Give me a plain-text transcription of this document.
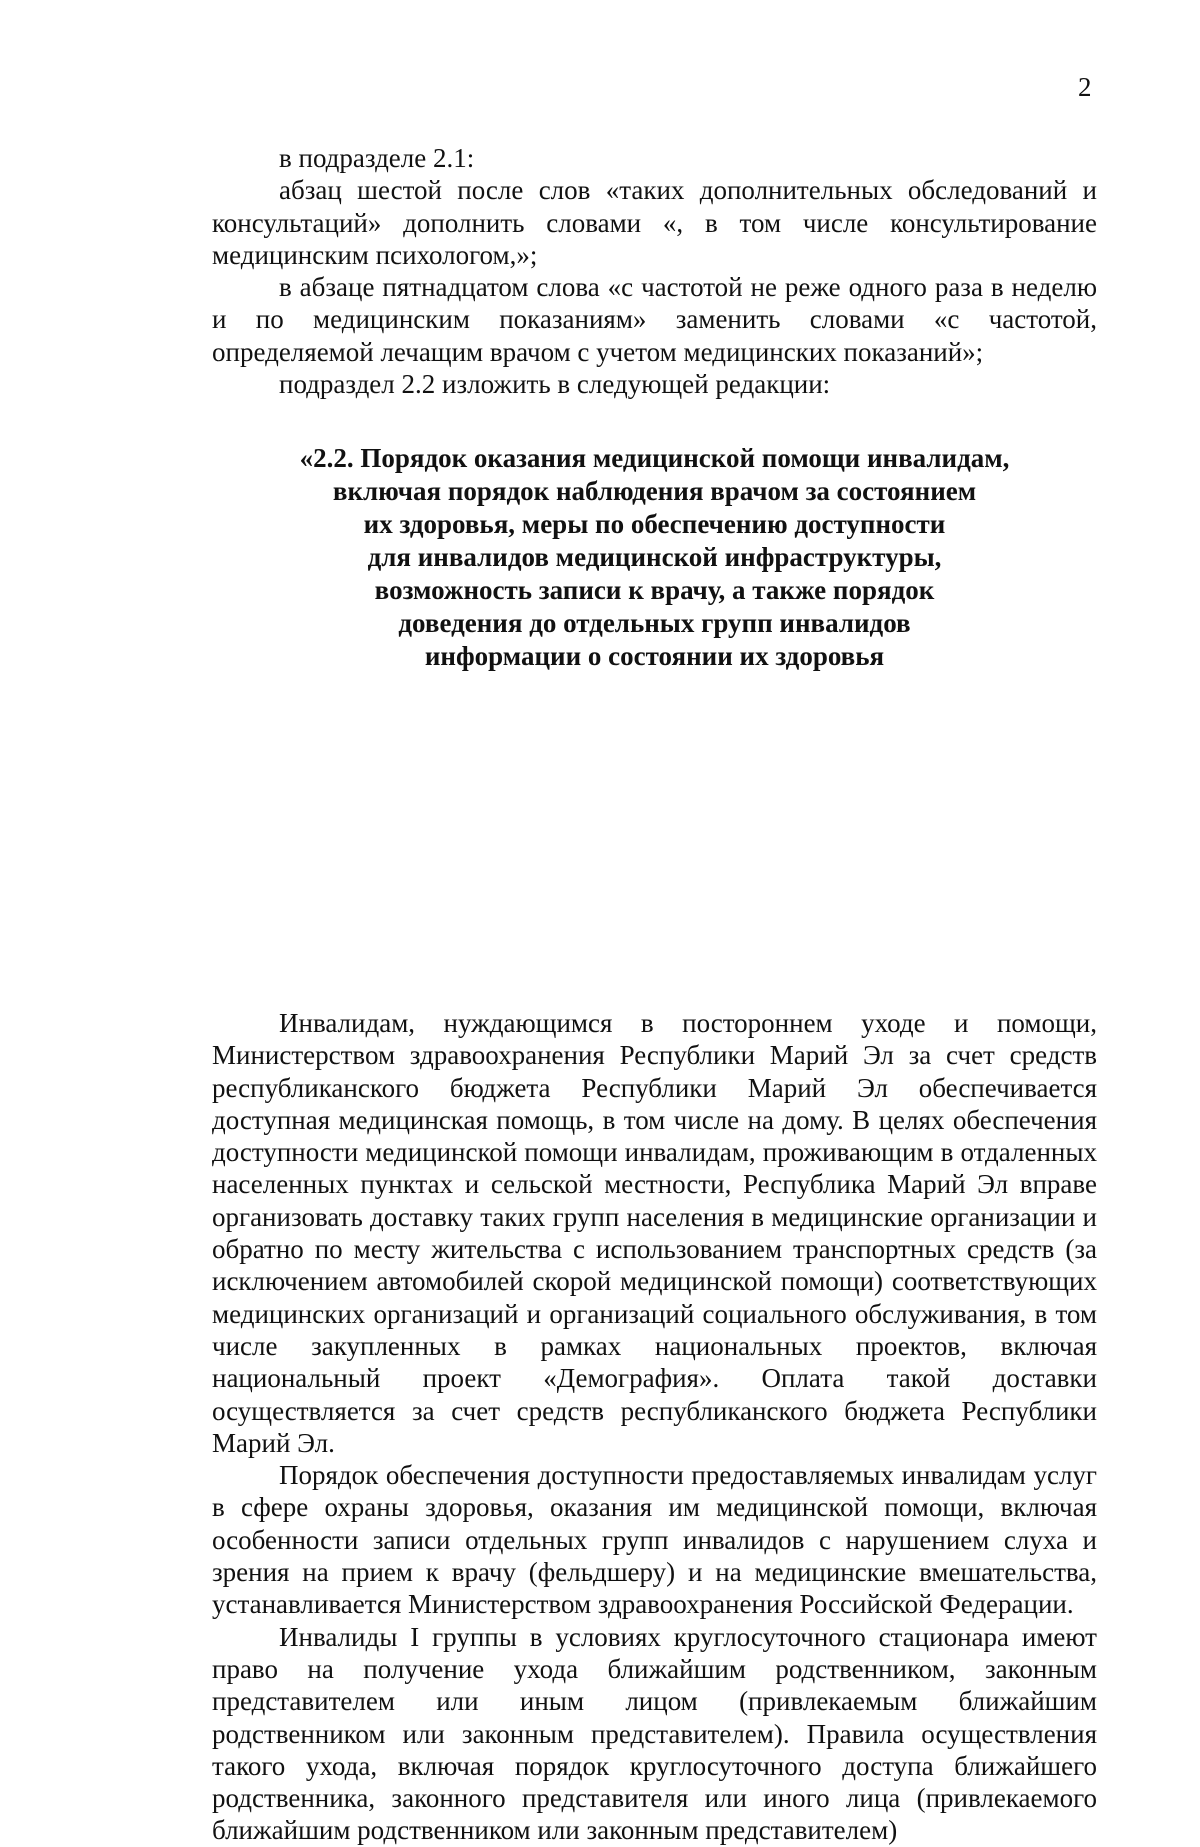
2

в подразделе 2.1:

абзац шестой после слов «таких дополнительных обследований и консультаций» дополнить словами «, в том числе консультирование медицинским психологом,»;

в абзаце пятнадцатом слова «с частотой не реже одного раза в неделю и по медицинским показаниям» заменить словами «с частотой, определяемой лечащим врачом с учетом медицинских показаний»;

подраздел 2.2 изложить в следующей редакции:

«2.2. Порядок оказания медицинской помощи инвалидам,
включая порядок наблюдения врачом за состоянием
их здоровья, меры по обеспечению доступности
для инвалидов медицинской инфраструктуры,
возможность записи к врачу, а также порядок
доведения до отдельных групп инвалидов
информации о состоянии их здоровья

Инвалидам, нуждающимся в постороннем уходе и помощи, Министерством здравоохранения Республики Марий Эл за счет средств республиканского бюджета Республики Марий Эл обеспечивается доступная медицинская помощь, в том числе на дому. В целях обеспечения доступности медицинской помощи инвалидам, проживающим в отдаленных населенных пунктах и сельской местности, Республика Марий Эл вправе организовать доставку таких групп населения в медицинские организации и обратно по месту жительства с использованием транспортных средств (за исключением автомобилей скорой медицинской помощи) соответствующих медицинских организаций и организаций социального обслуживания, в том числе закупленных в рамках национальных проектов, включая национальный проект «Демография». Оплата такой доставки осуществляется за счет средств республиканского бюджета Республики Марий Эл.

Порядок обеспечения доступности предоставляемых инвалидам услуг в сфере охраны здоровья, оказания им медицинской помощи, включая особенности записи отдельных групп инвалидов с нарушением слуха и зрения на прием к врачу (фельдшеру) и на медицинские вмешательства, устанавливается Министерством здравоохранения Российской Федерации.

Инвалиды I группы в условиях круглосуточного стационара имеют право на получение ухода ближайшим родственником, законным представителем или иным лицом (привлекаемым ближайшим родственником или законным представителем). Правила осуществления такого ухода, включая порядок круглосуточного доступа ближайшего родственника, законного представителя или иного лица (привлекаемого ближайшим родственником или законным представителем)
